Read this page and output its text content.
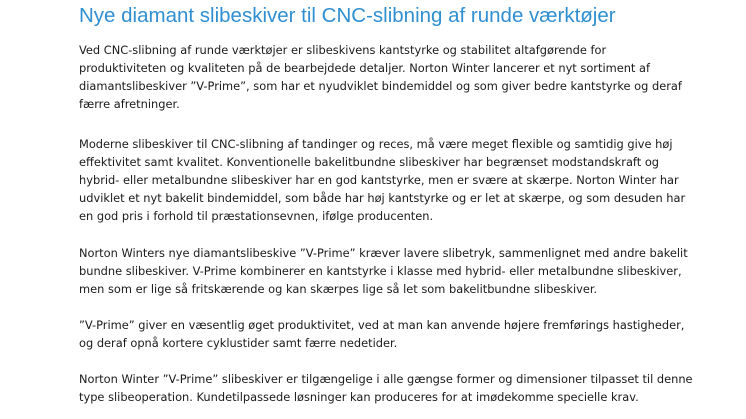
Nye diamant slibeskiver til CNC-slibning af runde værktøjer
Ved CNC-slibning af runde værktøjer er slibeskivens kantstyrke og stabilitet altafgørende for
produktiviteten og kvaliteten på de bearbejdede detaljer. Norton Winter lancerer et nyt sortiment af
diamantslibeskiver ”V-Prime”, som har et nyudviklet bindemiddel og som giver bedre kantstyrke og deraf
færre afretninger.
Moderne slibeskiver til CNC-slibning af tandinger og reces, må være meget flexible og samtidig give høj
effektivitet samt kvalitet. Konventionelle bakelitbundne slibeskiver har begrænset modstandskraft og
hybrid- eller metalbundne slibeskiver har en god kantstyrke, men er svære at skærpe. Norton Winter har
udviklet et nyt bakelit bindemiddel, som både har høj kantstyrke og er let at skærpe, og som desuden har
en god pris i forhold til præstationsevnen, ifølge producenten.
Norton Winters nye diamantslibeskive ”V-Prime” kræver lavere slibetryk, sammenlignet med andre bakelit
bundne slibeskiver. V-Prime kombinerer en kantstyrke i klasse med hybrid- eller metalbundne slibeskiver,
men som er lige så fritskærende og kan skærpes lige så let som bakelitbundne slibeskiver.
”V-Prime” giver en væsentlig øget produktivitet, ved at man kan anvende højere fremførings hastigheder,
og deraf opnå kortere cyklustider samt færre nedetider.
Norton Winter ”V-Prime” slibeskiver er tilgængelige i alle gængse former og dimensioner tilpasset til denne
type slibeoperation. Kundetilpassede løsninger kan produceres for at imødekomme specielle krav.
